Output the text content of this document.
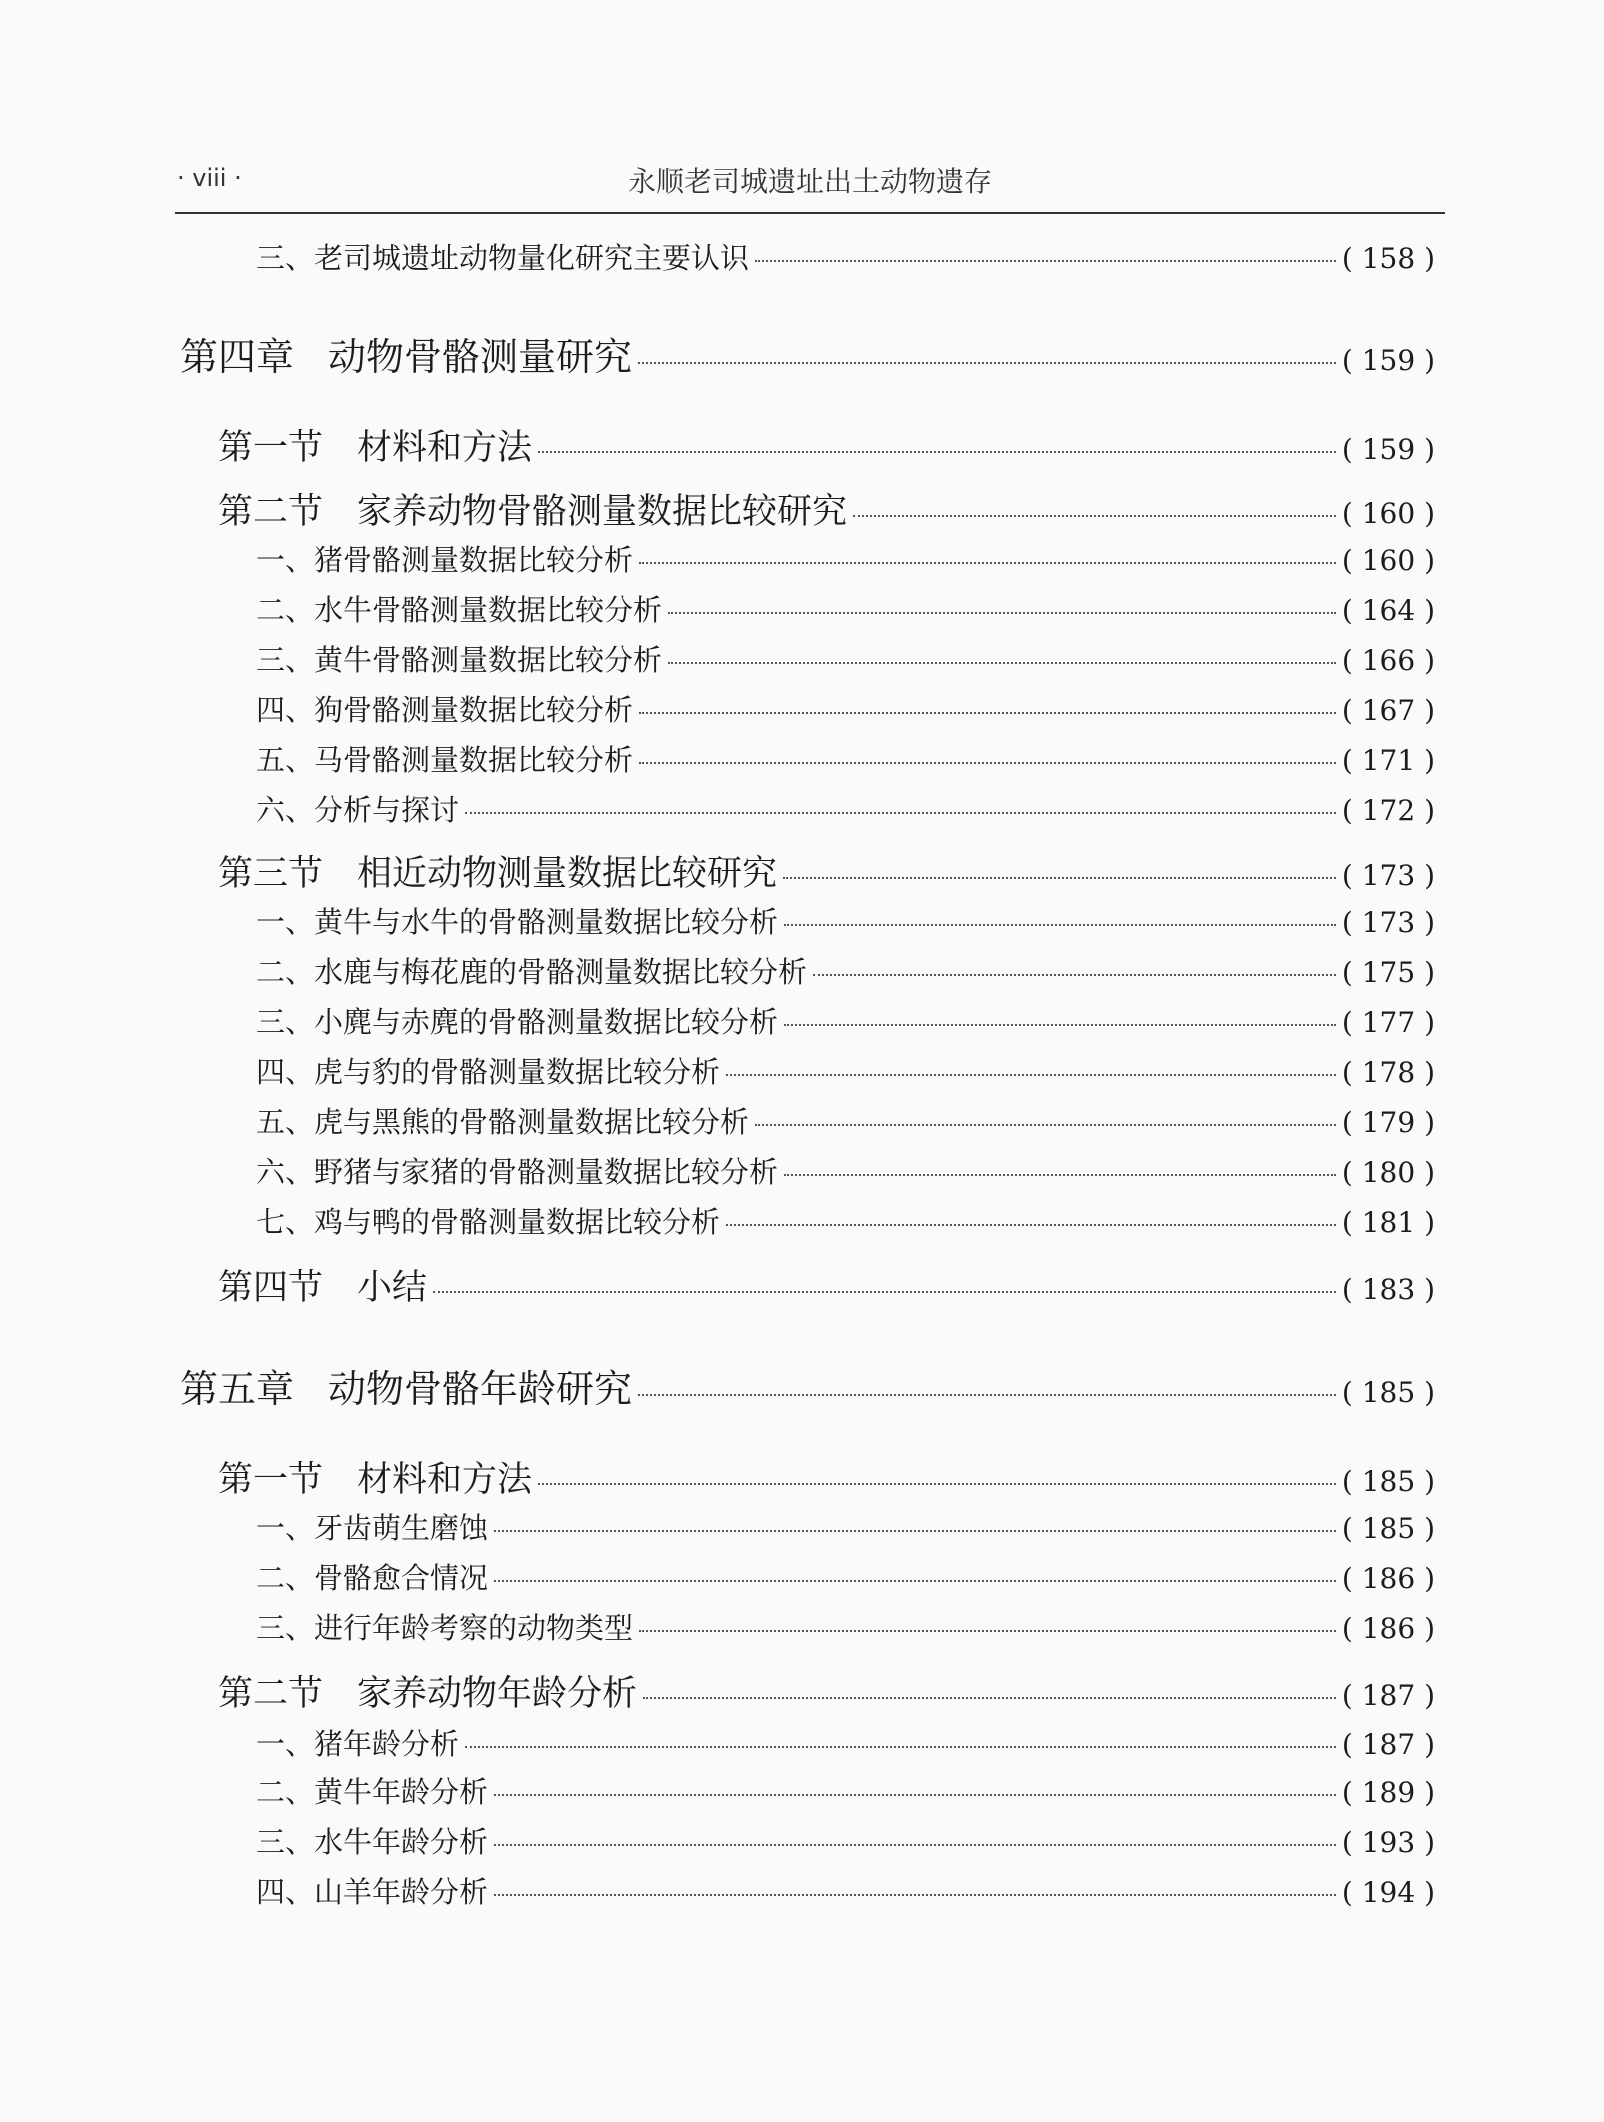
· viii ·	永顺老司城遗址出土动物遗存
三、老司城遗址动物量化研究主要认识	( 158 )
第四章 动物骨骼测量研究	( 159 )
第一节 材料和方法	( 159 )
第二节 家养动物骨骼测量数据比较研究	( 160 )
一、猪骨骼测量数据比较分析	( 160 )
二、水牛骨骼测量数据比较分析	( 164 )
三、黄牛骨骼测量数据比较分析	( 166 )
四、狗骨骼测量数据比较分析	( 167 )
五、马骨骼测量数据比较分析	( 171 )
六、分析与探讨	( 172 )
第三节 相近动物测量数据比较研究	( 173 )
一、黄牛与水牛的骨骼测量数据比较分析	( 173 )
二、水鹿与梅花鹿的骨骼测量数据比较分析	( 175 )
三、小麂与赤麂的骨骼测量数据比较分析	( 177 )
四、虎与豹的骨骼测量数据比较分析	( 178 )
五、虎与黑熊的骨骼测量数据比较分析	( 179 )
六、野猪与家猪的骨骼测量数据比较分析	( 180 )
七、鸡与鸭的骨骼测量数据比较分析	( 181 )
第四节 小结	( 183 )
第五章 动物骨骼年龄研究	( 185 )
第一节 材料和方法	( 185 )
一、牙齿萌生磨蚀	( 185 )
二、骨骼愈合情况	( 186 )
三、进行年龄考察的动物类型	( 186 )
第二节 家养动物年龄分析	( 187 )
一、猪年龄分析	( 187 )
二、黄牛年龄分析	( 189 )
三、水牛年龄分析	( 193 )
四、山羊年龄分析	( 194 )
